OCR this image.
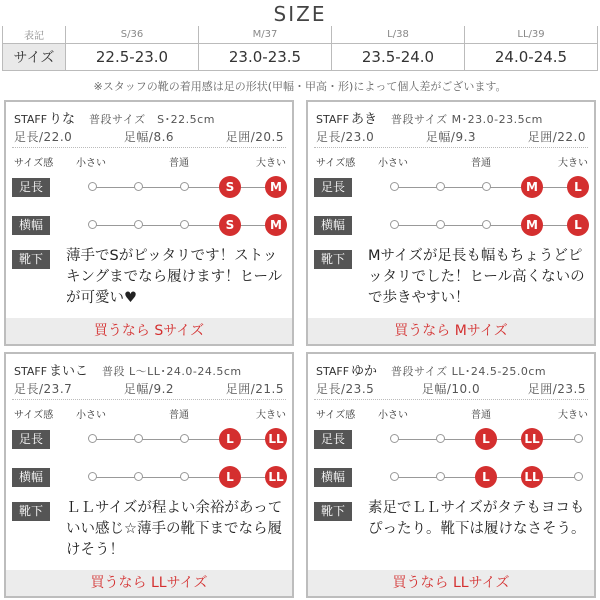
SIZE
表記	S/36	M/37	L/38	LL/39
サイズ	22.5-23.0	23.0-23.5	23.5-24.0	24.0-24.5
※スタッフの靴の着用感は足の形状(甲幅・甲高・形)によって個人差がございます。
STAFF りな 普段サイズ　S･22.5cm
足長/22.0	足幅/8.6	足囲/20.5
サイズ感 小さい	普通	大きい
足長	S	M
横幅	S	M
靴下	薄手でSがピッタリです！ストッキングまでなら履けます！ヒールが可愛い♥
買うなら Sサイズ
STAFF あき 普段サイズ M･23.0-23.5cm
足長/23.0	足幅/9.3	足囲/22.0
サイズ感 小さい	普通	大きい
足長	M	L
横幅	M	L
靴下	Mサイズが足長も幅もちょうどピッタリでした！ヒール高くないので歩きやすい！
買うなら Mサイズ
STAFF まいこ 普段 L～LL･24.0-24.5cm
足長/23.7	足幅/9.2	足囲/21.5
サイズ感 小さい	普通	大きい
足長	L	LL
横幅	L	LL
靴下	ＬＬサイズが程よい余裕があっていい感じ☆薄手の靴下までなら履けそう！
買うなら LLサイズ
STAFF ゆか 普段サイズ LL･24.5-25.0cm
足長/23.5	足幅/10.0	足囲/23.5
サイズ感 小さい	普通	大きい
足長	L	LL
横幅	L	LL
靴下	素足でＬＬサイズがタテもヨコもぴったり。靴下は履けなさそう。
買うなら LLサイズ
